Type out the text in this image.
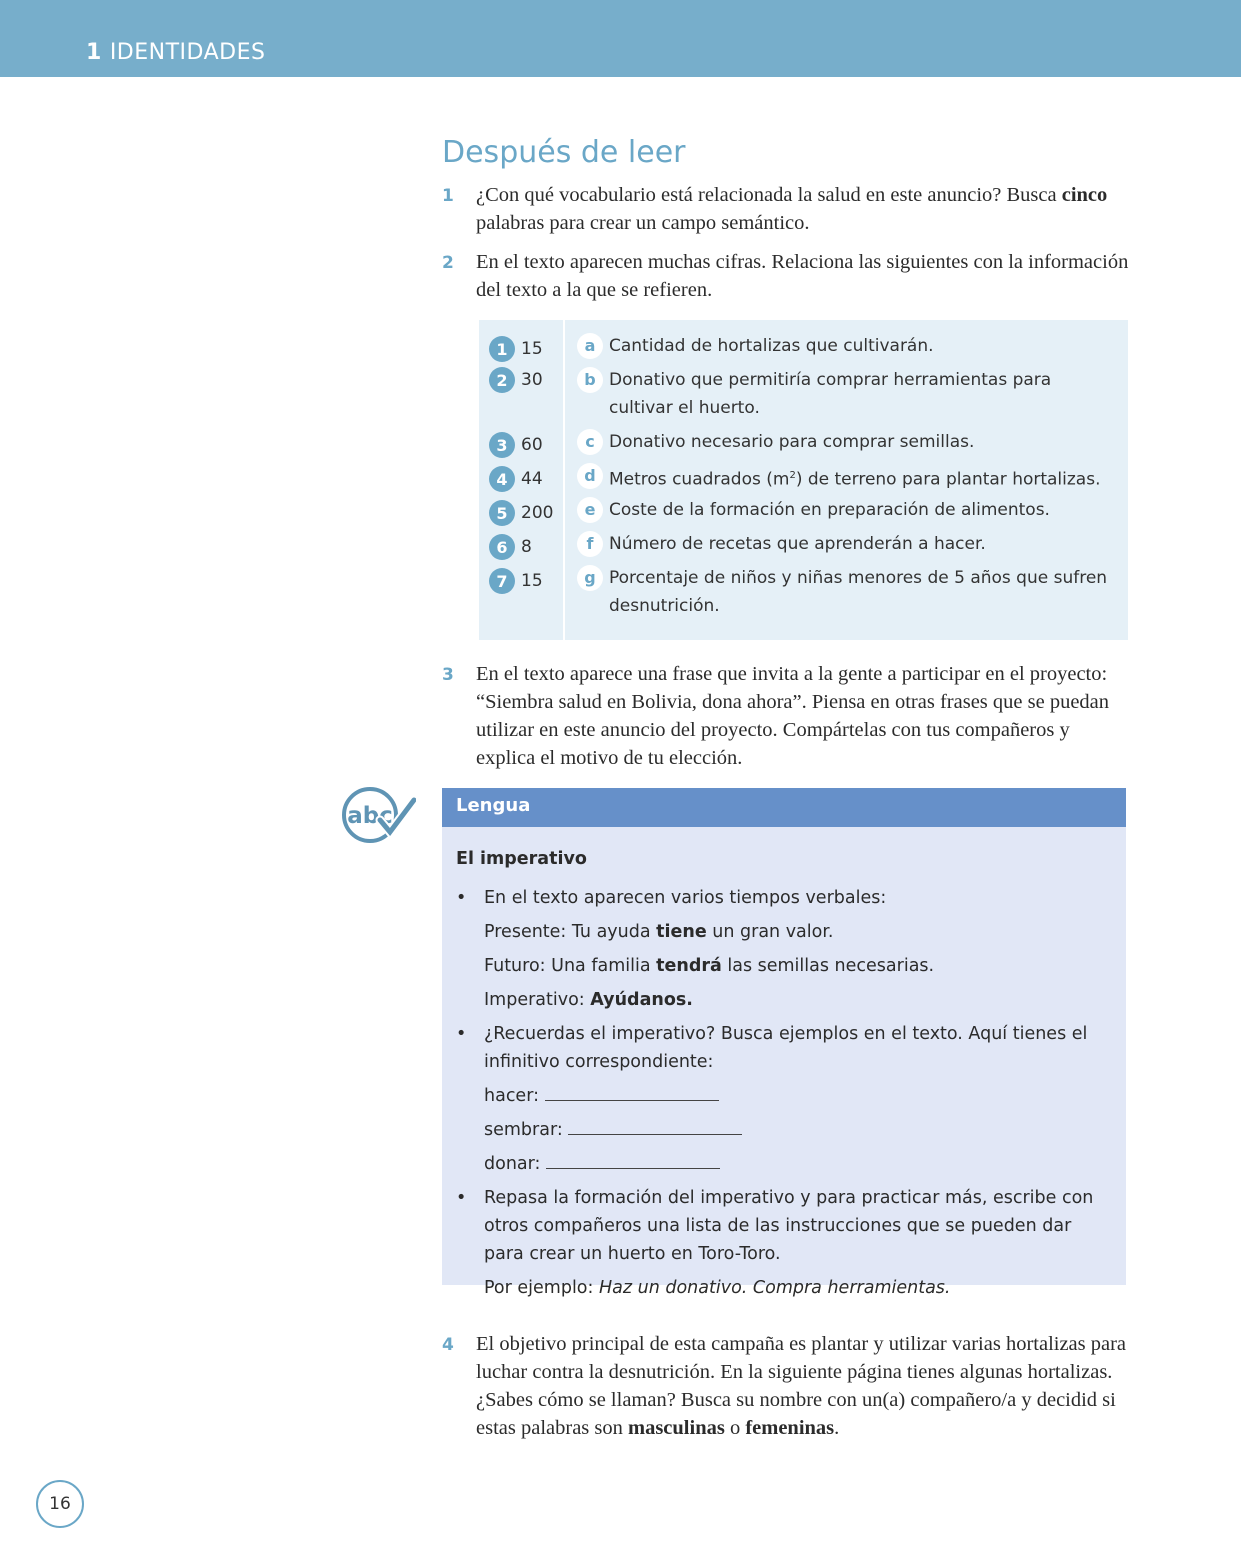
1 IDENTIDADES
Después de leer
1 ¿Con qué vocabulario está relacionada la salud en este anuncio? Busca cinco palabras para crear un campo semántico.
2 En el texto aparecen muchas cifras. Relaciona las siguientes con la información del texto a la que se refieren.
1 15
2 30
3 60
4 44
5 200
6 8
7 15
a Cantidad de hortalizas que cultivarán.
b Donativo que permitiría comprar herramientas para cultivar el huerto.
c Donativo necesario para comprar semillas.
d Metros cuadrados $(m^2)$ de terreno para plantar hortalizas.
e Coste de la formación en preparación de alimentos.
f Número de recetas que aprenderán a hacer.
g Porcentaje de niños y niñas menores de 5 años que sufren desnutrición.
3 En el texto aparece una frase que invita a la gente a participar en el proyecto: “Siembra salud en Bolivia, dona ahora”. Piensa en otras frases que se puedan utilizar en este anuncio del proyecto. Compártelas con tus compañeros y explica el motivo de tu elección.
abc	Lengua
El imperativo
• En el texto aparecen varios tiempos verbales:
Presente: Tu ayuda tiene un gran valor.
Futuro: Una familia tendrá las semillas necesarias.
Imperativo: Ayúdanos.
• ¿Recuerdas el imperativo? Busca ejemplos en el texto. Aquí tienes el infinitivo correspondiente:
hacer:
sembrar:
donar:
• Repasa la formación del imperativo y para practicar más, escribe con otros compañeros una lista de las instrucciones que se pueden dar para crear un huerto en Toro-Toro.
Por ejemplo: Haz un donativo. Compra herramientas.
4 El objetivo principal de esta campaña es plantar y utilizar varias hortalizas para luchar contra la desnutrición. En la siguiente página tienes algunas hortalizas. ¿Sabes cómo se llaman? Busca su nombre con un(a) compañero/a y decidid si estas palabras son masculinas o femeninas.
16
